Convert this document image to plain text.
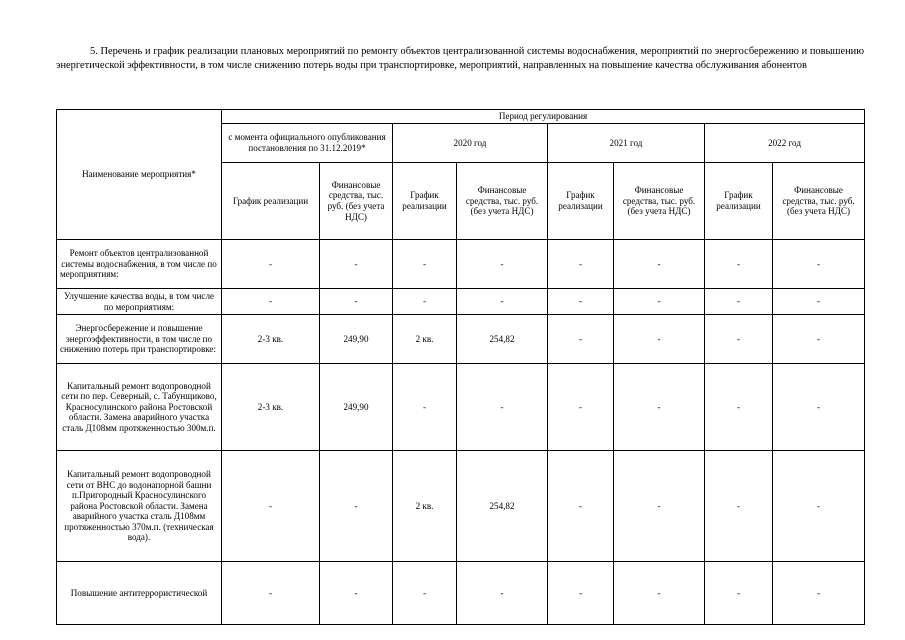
5. Перечень и график реализации плановых мероприятий по ремонту объектов централизованной системы водоснабжения, мероприятий по энергосбережению и повышению энергетической эффективности, в том числе снижению потерь воды при транспортировке, мероприятий, направленных на повышение качества обслуживания абонентов
Наименование мероприятия*	Период регулирования							
	с момента официального опубликования постановления по 31.12.2019*		2020 год		2021 год		2022 год	
	График реализации	Финансовые средства, тыс. руб. (без учета НДС)	График реализации	Финансовые средства, тыс. руб. (без учета НДС)	График реализации	Финансовые средства, тыс. руб. (без учета НДС)	График реализации	Финансовые средства, тыс. руб. (без учета НДС)
Ремонт объектов централизованной системы водоснабжения, в том числе по мероприятиям:	-	-	-	-	-	-	-	-
Улучшение качества воды, в том числе по мероприятиям:	-	-	-	-	-	-	-	-
Энергосбережение и повышение энергоэффективности, в том числе по снижению потерь при транспортировке:	2-3 кв.	249,90	2 кв.	254,82	-	-	-	-
Капитальный ремонт водопроводной сети по пер. Северный, с. Табунщиково, Красносулинского района Ростовской области. Замена аварийного участка сталь Д108мм протяженностью 300м.п.	2-3 кв.	249,90	-	-	-	-	-	-
Капитальный ремонт водопроводной сети от ВНС до водонапорной башни п.Пригородный Красносулинского района Ростовской области. Замена аварийного участка сталь Д108мм протяженностью 370м.п. (техническая вода).	-	-	2 кв.	254,82	-	-	-	-
Повышение антитеррористической	-	-	-	-	-	-	-	-
